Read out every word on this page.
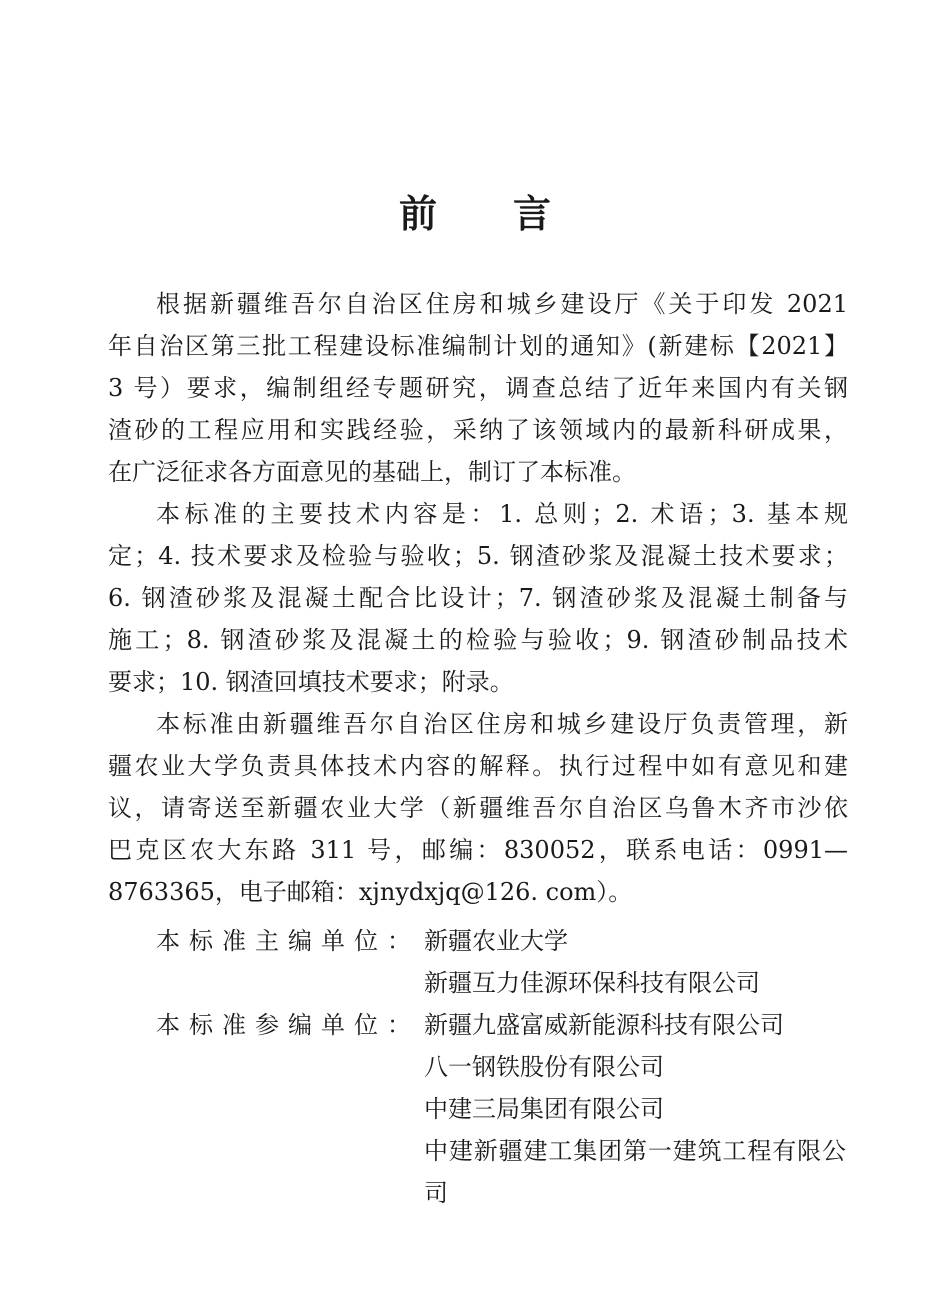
前 言

根据新疆维吾尔自治区住房和城乡建设厅《关于印发 2021
年自治区第三批工程建设标准编制计划的通知》(新建标【2021】
3 号）要求，编制组经专题研究，调查总结了近年来国内有关钢
渣砂的工程应用和实践经验，采纳了该领域内的最新科研成果，
在广泛征求各方面意见的基础上，制订了本标准。

本标准的主要技术内容是：1. 总则；2. 术语；3. 基本规
定；4. 技术要求及检验与验收；5. 钢渣砂浆及混凝土技术要求；
6. 钢渣砂浆及混凝土配合比设计；7. 钢渣砂浆及混凝土制备与
施工；8. 钢渣砂浆及混凝土的检验与验收；9. 钢渣砂制品技术
要求；10. 钢渣回填技术要求；附录。

本标准由新疆维吾尔自治区住房和城乡建设厅负责管理，新
疆农业大学负责具体技术内容的解释。执行过程中如有意见和建
议，请寄送至新疆农业大学（新疆维吾尔自治区乌鲁木齐市沙依
巴克区农大东路 311 号，邮编：830052，联系电话：0991—
8763365，电子邮箱：xjnydxjq@126. com）。

本标准主编单位： 新疆农业大学
新疆互力佳源环保科技有限公司
本标准参编单位： 新疆九盛富威新能源科技有限公司
八一钢铁股份有限公司
中建三局集团有限公司
中建新疆建工集团第一建筑工程有限公司
